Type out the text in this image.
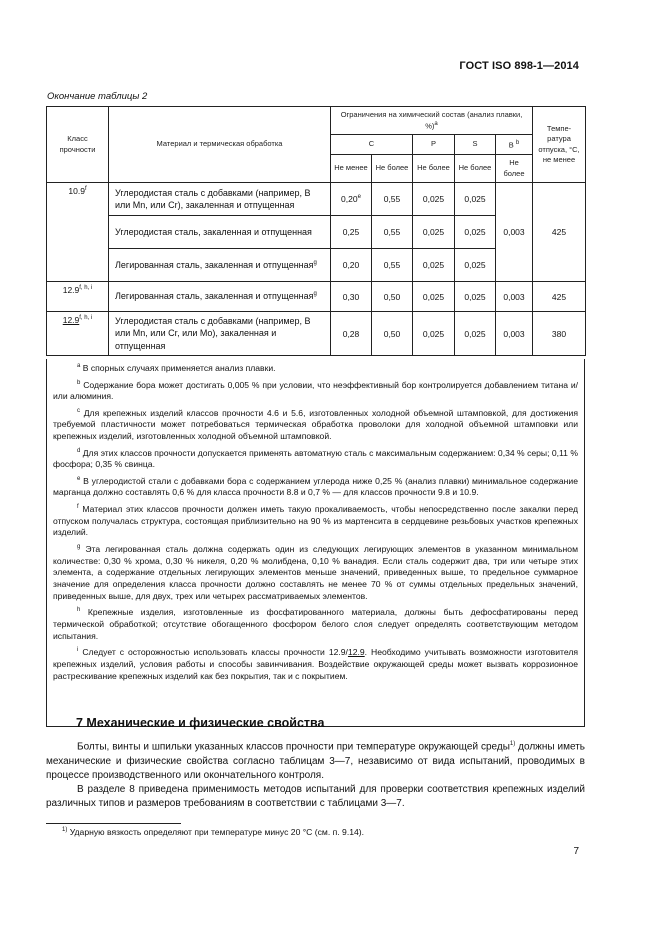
ГОСТ ISO 898-1—2014
Окончание таблицы 2
Класс прочности	Материал и термическая обработка	Ограничения на химический состав (анализ плавки, %)$^a$					Темпе-ратура отпуска, °С, не менее
		C		P	S	B $^b$
		Не менее	Не более	Не более	Не более	Не более	
10.9$^f$	Углеродистая сталь с добавками (например, B или Mn, или Cr), закаленная и отпущенная	0,20e	0,55	0,025	0,025	0,003	425
	Углеродистая сталь, закаленная и отпущенная	0,25	0,55	0,025	0,025		
	Легированная сталь, закаленная и отпущенная$^g$	0,20	0,55	0,025	0,025		
12.9$^{f, h, i}$	Легированная сталь, закаленная и отпущенная$^g$	0,30	0,50	0,025	0,025	0,003	425
12.9$^{f, h, i}$	Углеродистая сталь с добавками (например, B или Mn, или Cr, или Mo), закаленная и отпущенная	0,28	0,50	0,025	0,025	0,003	380

$^a$ В спорных случаях применяется анализ плавки.

$^b$ Содержание бора может достигать 0,005 % при условии, что неэффективный бор контролируется добавлением титана и/или алюминия.

$^c$ Для крепежных изделий классов прочности 4.6 и 5.6, изготовленных холодной объемной штамповкой, для достижения требуемой пластичности может потребоваться термическая обработка проволоки для холодной объемной штамповки или крепежных изделий, изготовленных холодной объемной штамповкой.

$^d$ Для этих классов прочности допускается применять автоматную сталь с максимальным содержанием: 0,34 % серы; 0,11 % фосфора; 0,35 % свинца.

$^e$ В углеродистой стали с добавками бора с содержанием углерода ниже 0,25 % (анализ плавки) минимальное содержание марганца должно составлять 0,6 % для класса прочности 8.8 и 0,7 % — для классов прочности 9.8 и 10.9.

$^f$ Материал этих классов прочности должен иметь такую прокаливаемость, чтобы непосредственно после закалки перед отпуском получалась структура, состоящая приблизительно на 90 % из мартенсита в сердцевине резьбовых участков крепежных изделий.

$^g$ Эта легированная сталь должна содержать один из следующих легирующих элементов в указанном минимальном количестве: 0,30 % хрома, 0,30 % никеля, 0,20 % молибдена, 0,10 % ванадия. Если сталь содержит два, три или четыре этих элемента, а содержание отдельных легирующих элементов меньше значений, приведенных выше, то предельное суммарное значение для определения класса прочности должно составлять не менее 70 % от суммы отдельных предельных значений, приведенных выше, для двух, трех или четырех рассматриваемых элементов.

$^h$ Крепежные изделия, изготовленные из фосфатированного материала, должны быть дефосфатированы перед термической обработкой; отсутствие обогащенного фосфором белого слоя следует определять соответствующим методом испытания.

$^i$ Следует с осторожностью использовать классы прочности 12.9/12.9. Необходимо учитывать возможности изготовителя крепежных изделий, условия работы и способы завинчивания. Воздействие окружающей среды может вызвать коррозионное растрескивание крепежных изделий как без покрытия, так и с покрытием.

7 Механические и физические свойства

Болты, винты и шпильки указанных классов прочности при температуре окружающей среды$^{1)}$ должны иметь механические и физические свойства согласно таблицам 3—7, независимо от вида испытаний, проводимых в процессе производственного или окончательного контроля.

В разделе 8 приведена применимость методов испытаний для проверки соответствия крепежных изделий различных типов и размеров требованиям в соответствии с таблицами 3—7.

$^{1)}$ Ударную вязкость определяют при температуре минус 20 °С (см. п. 9.14).
7
